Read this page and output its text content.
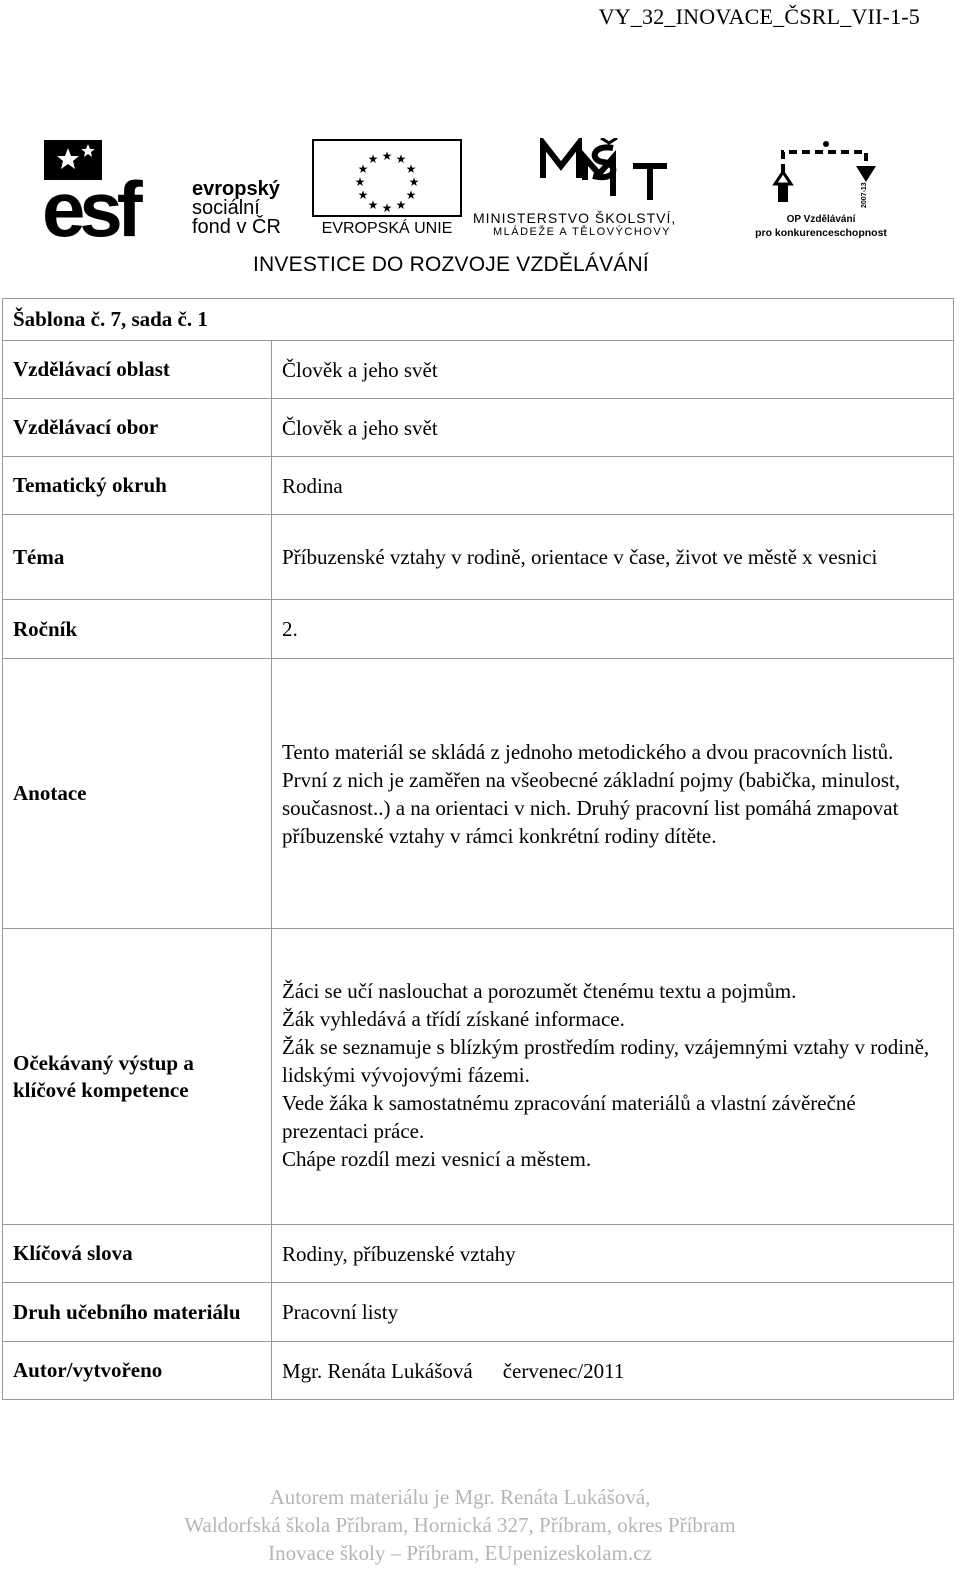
VY_32_INOVACE_ČSRL_VII-1-5
esf	evropský
sociální
fond v ČR
★ ★
★
★
★
★
★
★
★
★
★
★
EVROPSKÁ UNIE
MINISTERSTVO ŠKOLSTVÍ,
MLÁDEŽE A TĚLOVÝCHOVY
2007-13
OP Vzdělávání
pro konkurenceschopnost
INVESTICE DO ROZVOJE VZDĚLÁVÁNÍ
Šablona č. 7, sada č. 1	
Vzdělávací oblast	Člověk a jeho svět
Vzdělávací obor	Člověk a jeho svět
Tematický okruh	Rodina
Téma	Příbuzenské vztahy v rodině, orientace v čase, život ve městě x vesnici
Ročník	2.
Anotace	Tento materiál se skládá z jednoho metodického a dvou pracovních listů. První z nich je zaměřen na všeobecné základní pojmy (babička, minulost, současnost..) a na orientaci v nich. Druhý pracovní list pomáhá zmapovat příbuzenské vztahy v rámci konkrétní rodiny dítěte.
Očekávaný výstup a klíčové kompetence	Žáci se učí naslouchat a porozumět čtenému textu a pojmům.
Žák vyhledává a třídí získané informace.
Žák se seznamuje s blízkým prostředím rodiny, vzájemnými vztahy v rodině, lidskými vývojovými fázemi.
Vede žáka k samostatnému zpracování materiálů a vlastní závěrečné prezentaci práce.
Chápe rozdíl mezi vesnicí a městem.

Klíčová slova	Rodiny, příbuzenské vztahy
Druh učebního materiálu	Pracovní listy
Autor/vytvořeno	Mgr. Renáta Lukášová červenec/2011
Autorem materiálu je Mgr. Renáta Lukášová,
Waldorfská škola Příbram, Hornická 327, Příbram, okres Příbram
Inovace školy – Příbram, EUpenizeskolam.cz
